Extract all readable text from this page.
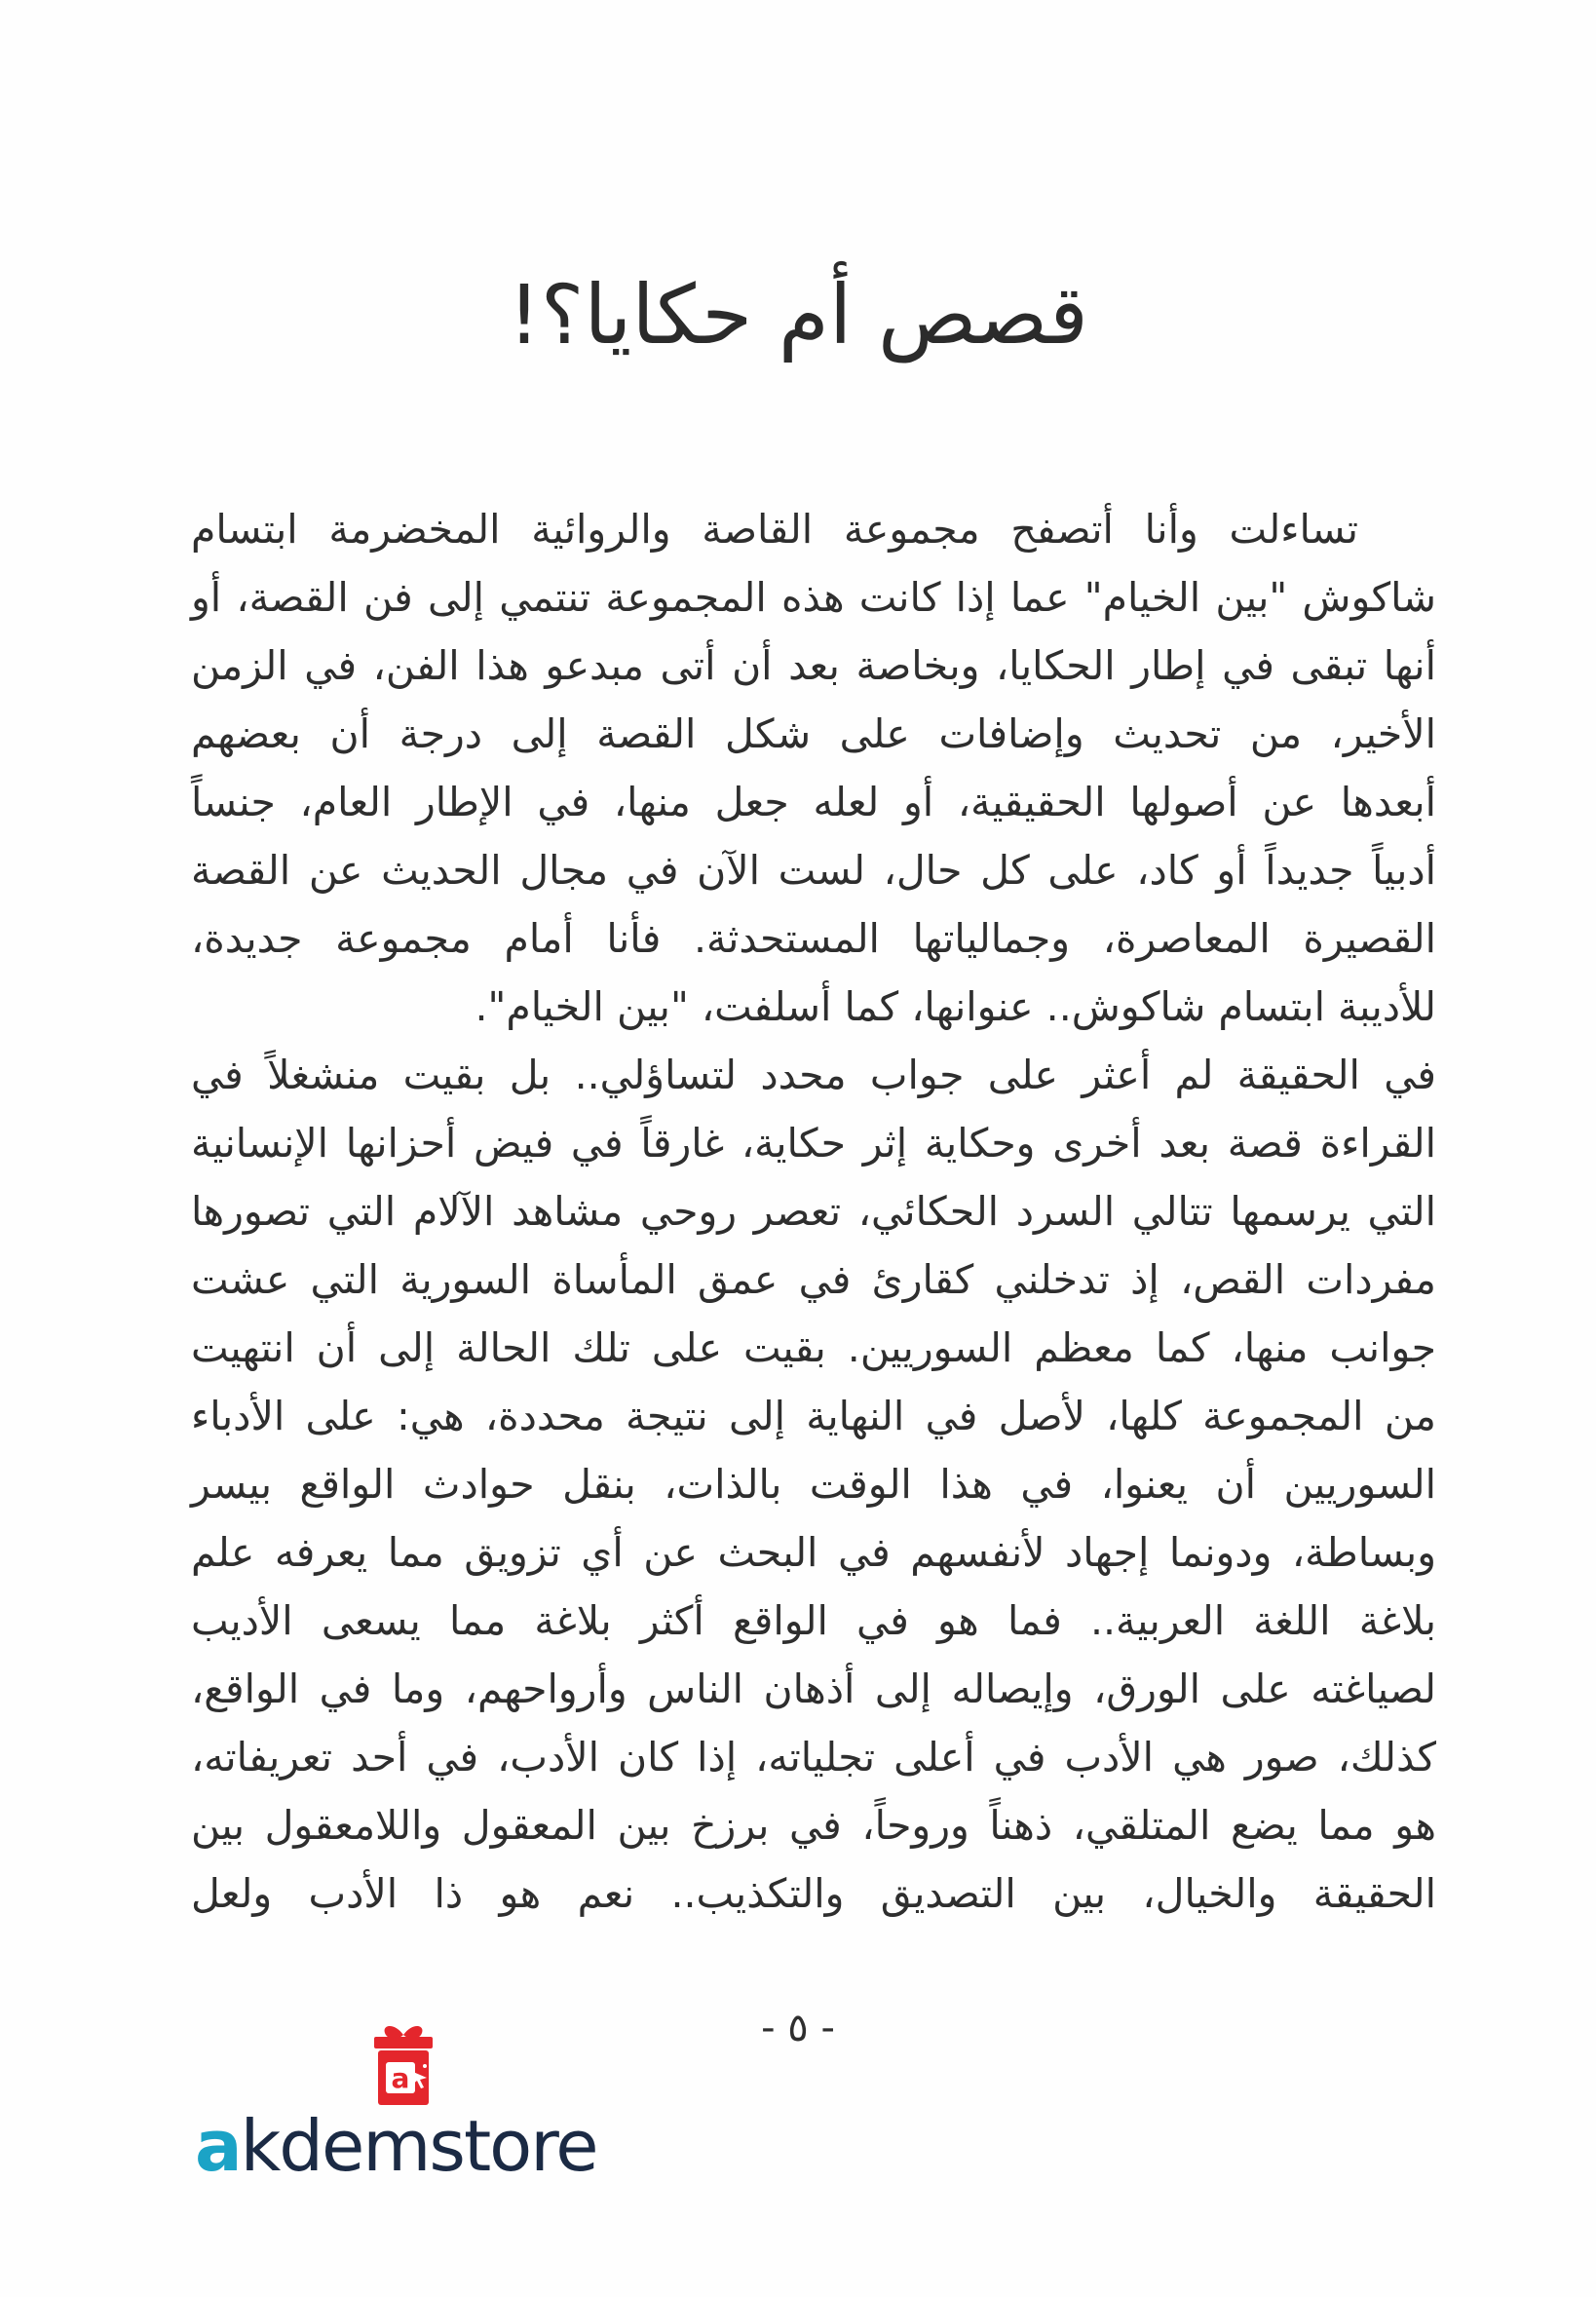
قصص أم حكايا؟!
تساءلت وأنا أتصفح مجموعة القاصة والروائية المخضرمة ابتسام
شاكوش "بين الخيام" عما إذا كانت هذه المجموعة تنتمي إلى فن القصة، أو
أنها تبقى في إطار الحكايا، وبخاصة بعد أن أتى مبدعو هذا الفن، في الزمن
الأخير، من تحديث وإضافات على شكل القصة إلى درجة أن بعضهم
أبعدها عن أصولها الحقيقية، أو لعله جعل منها، في الإطار العام، جنساً
أدبياً جديداً أو كاد، على كل حال، لست الآن في مجال الحديث عن القصة
القصيرة المعاصرة، وجمالياتها المستحدثة. فأنا أمام مجموعة جديدة،
للأديبة ابتسام شاكوش.. عنوانها، كما أسلفت، "بين الخيام".
في الحقيقة لم أعثر على جواب محدد لتساؤلي.. بل بقيت منشغلاً في
القراءة قصة بعد أخرى وحكاية إثر حكاية، غارقاً في فيض أحزانها الإنسانية
التي يرسمها تتالي السرد الحكائي، تعصر روحي مشاهد الآلام التي تصورها
مفردات القص، إذ تدخلني كقارئ في عمق المأساة السورية التي عشت
جوانب منها، كما معظم السوريين. بقيت على تلك الحالة إلى أن انتهيت
من المجموعة كلها، لأصل في النهاية إلى نتيجة محددة، هي: على الأدباء
السوريين أن يعنوا، في هذا الوقت بالذات، بنقل حوادث الواقع بيسر
وبساطة، ودونما إجهاد لأنفسهم في البحث عن أي تزويق مما يعرفه علم
بلاغة اللغة العربية.. فما هو في الواقع أكثر بلاغة مما يسعى الأديب
لصياغته على الورق، وإيصاله إلى أذهان الناس وأرواحهم، وما في الواقع،
كذلك، صور هي الأدب في أعلى تجلياته، إذا كان الأدب، في أحد تعريفاته،
هو مما يضع المتلقي، ذهناً وروحاً، في برزخ بين المعقول واللامعقول بين
الحقيقة والخيال، بين التصديق والتكذيب.. نعم هو ذا الأدب ولعل
- ٥ -
a
akdemstore
